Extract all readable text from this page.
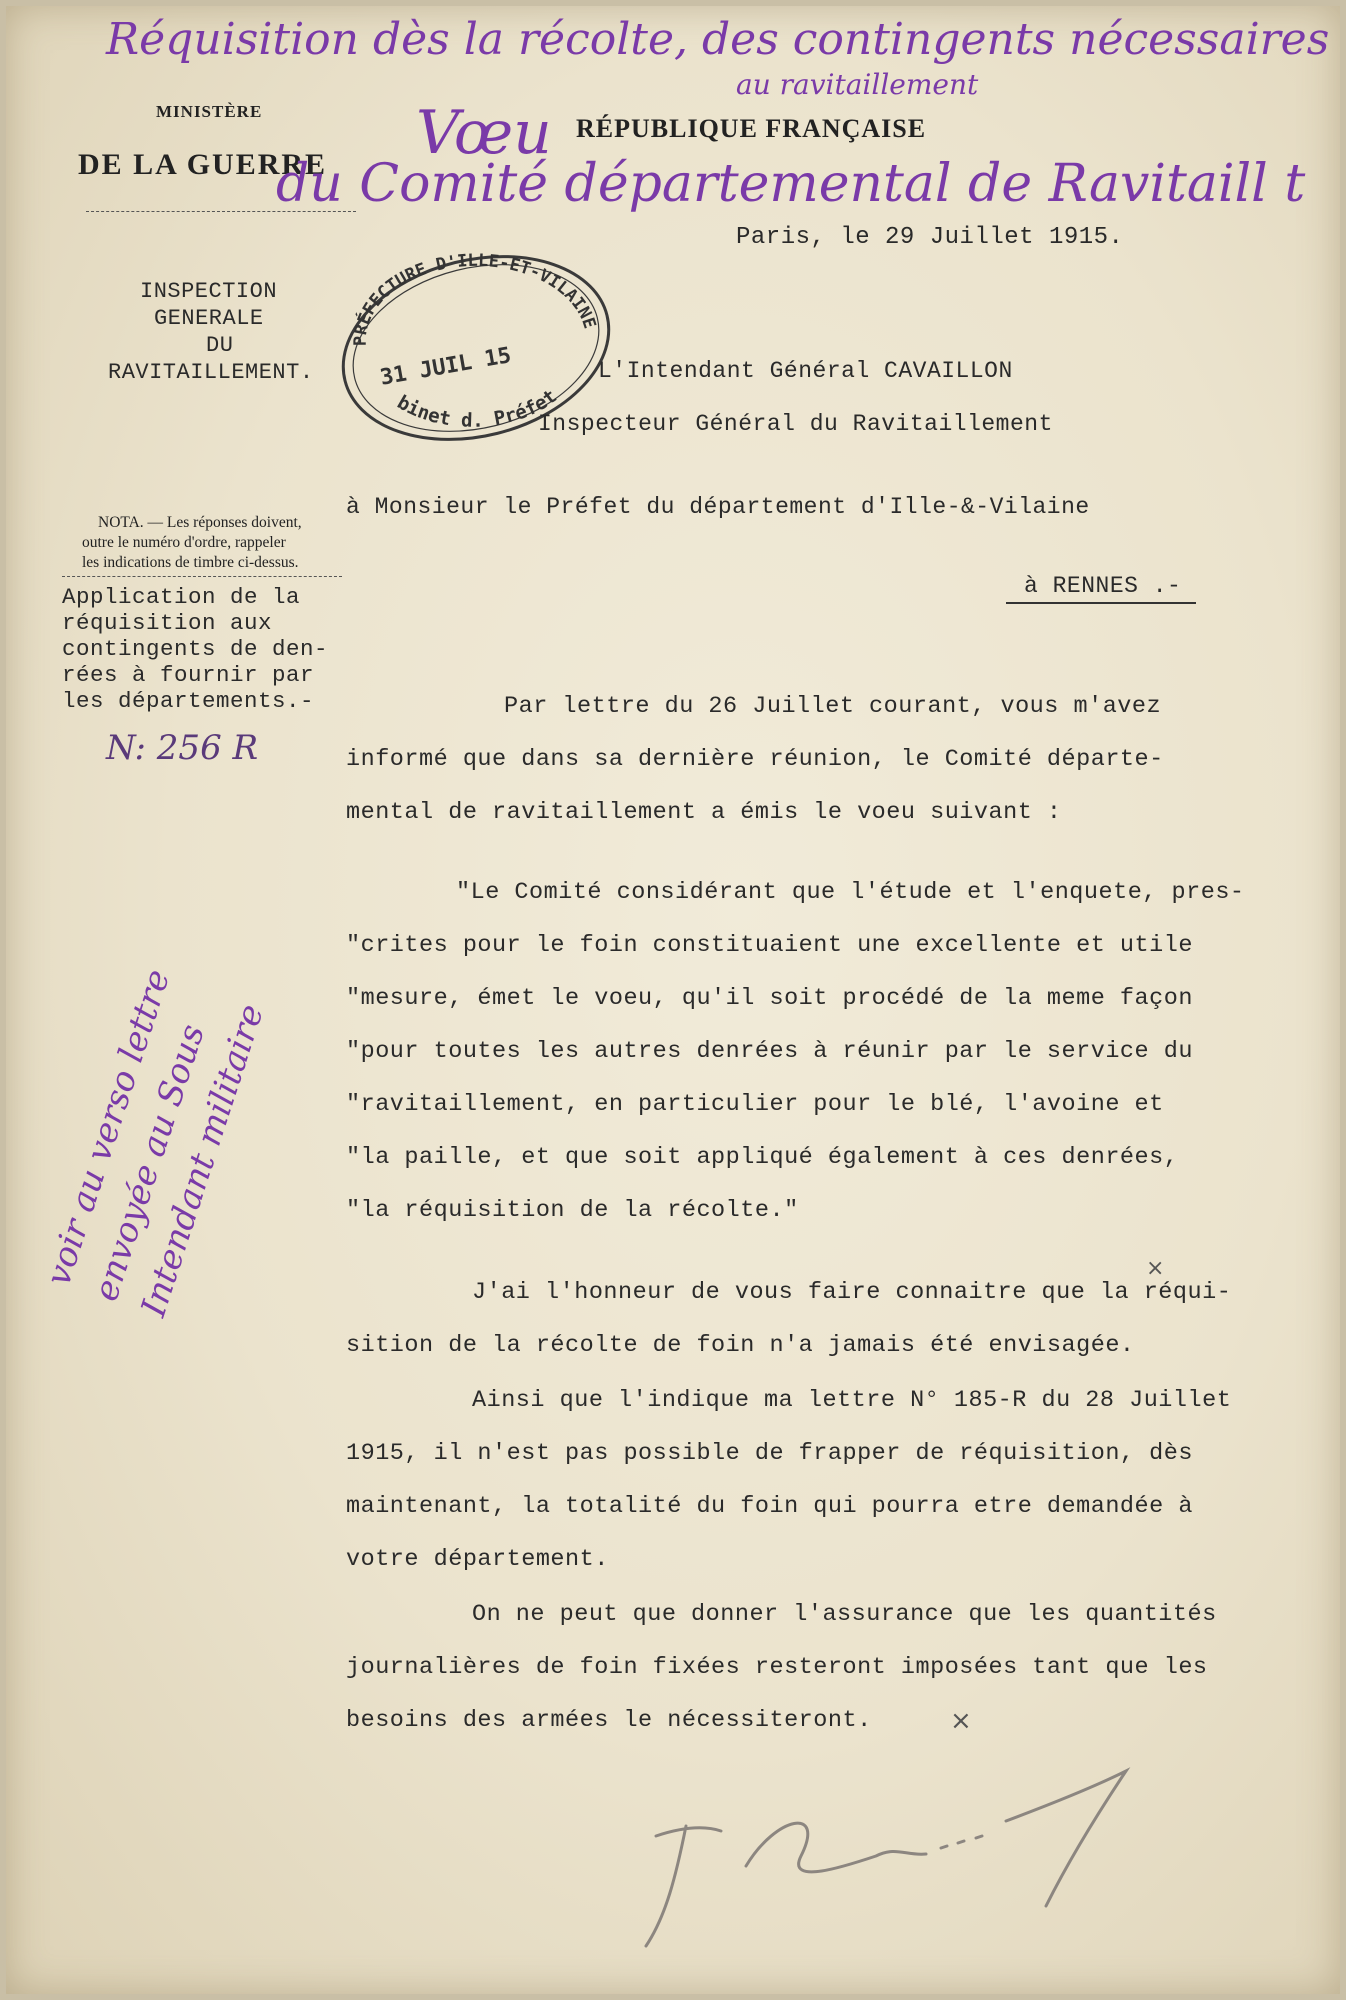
Réquisition dès la récolte, des contingents nécessaires
au ravitaillement
MINISTÈRE
DE LA GUERRE
RÉPUBLIQUE FRANÇAISE
Vœu
du Comité départemental de Ravitaill t
Paris, le 29 Juillet 1915.
INSPECTION
GENERALE
DU
RAVITAILLEMENT.
PRÉFECTURE D'ILLE-ET-VILAINE
31 JUIL 15
binet d. Préfet
L'Intendant Général CAVAILLON
Inspecteur Général du Ravitaillement
à Monsieur le Préfet du département d'Ille-&-Vilaine
à RENNES .-
NOTA. — Les réponses doivent,
outre le numéro d'ordre, rappeler
les indications de timbre ci-dessus.
Application de la
réquisition aux
contingents de den-
rées à fournir par
les départements.-
N: 256 R
voir au verso lettre envoyée au Sous Intendant militaire
Par lettre du 26 Juillet courant, vous m'avez
informé que dans sa dernière réunion, le Comité départe-
mental de ravitaillement a émis le voeu suivant :
"Le Comité considérant que l'étude et l'enquete, pres-
"crites pour le foin constituaient une excellente et utile
"mesure, émet le voeu, qu'il soit procédé de la meme façon
"pour toutes les autres denrées à réunir par le service du
"ravitaillement, en particulier pour le blé, l'avoine et
"la paille, et que soit appliqué également à ces denrées,
"la réquisition de la récolte."
J'ai l'honneur de vous faire connaitre que la réqui-
sition de la récolte de foin n'a jamais été envisagée.
Ainsi que l'indique ma lettre N° 185-R du 28 Juillet
1915, il n'est pas possible de frapper de réquisition, dès
maintenant, la totalité du foin qui pourra etre demandée à
votre département.
On ne peut que donner l'assurance que les quantités
journalières de foin fixées resteront imposées tant que les
besoins des armées le nécessiteront.
×
×
